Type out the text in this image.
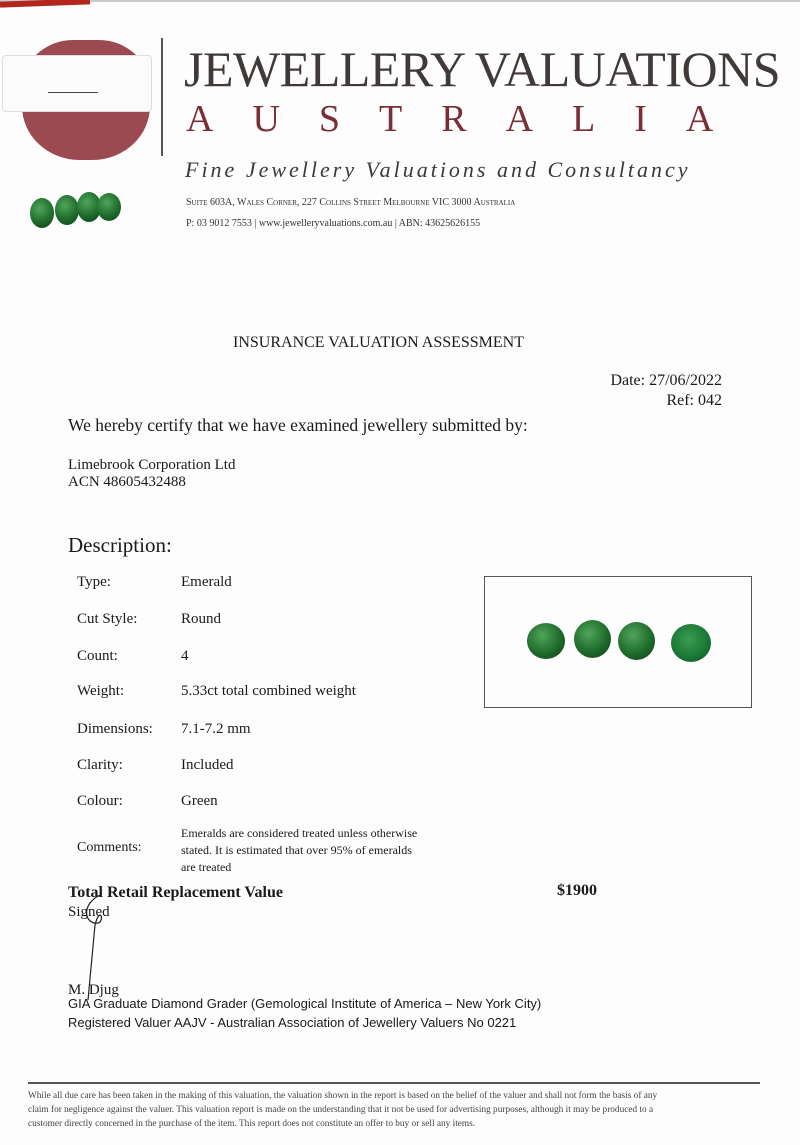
JEWELLERY VALUATIONS
AUSTRALIA
Fine Jewellery Valuations and Consultancy
Suite 603A, Wales Corner, 227 Collins Street Melbourne VIC 3000 Australia
P: 03 9012 7553 | www.jewelleryvaluations.com.au | ABN: 43625626155
INSURANCE VALUATION ASSESSMENT
Date: 27/06/2022
Ref: 042
We hereby certify that we have examined jewellery submitted by:
Limebrook Corporation Ltd
ACN 48605432488
Description:
Type:	Emerald
Cut Style:	Round
Count:	4
Weight:	5.33ct total combined weight
Dimensions: 7.1-7.2 mm
Clarity:	Included
Colour:	Green
Comments:
Emeralds are considered treated unless otherwise
stated. It is estimated that over 95% of emeralds
are treated
Total Retail Replacement Value	$1900
Signed
M. Djug
GIA Graduate Diamond Grader (Gemological Institute of America – New York City)
Registered Valuer AAJV - Australian Association of Jewellery Valuers No 0221
While all due care has been taken in the making of this valuation, the valuation shown in the report is based on the belief of the valuer and shall not form the basis of any
claim for negligence against the valuer. This valuation report is made on the understanding that it not be used for advertising purposes, although it may be produced to a
customer directly concerned in the purchase of the item. This report does not constitute an offer to buy or sell any items.
